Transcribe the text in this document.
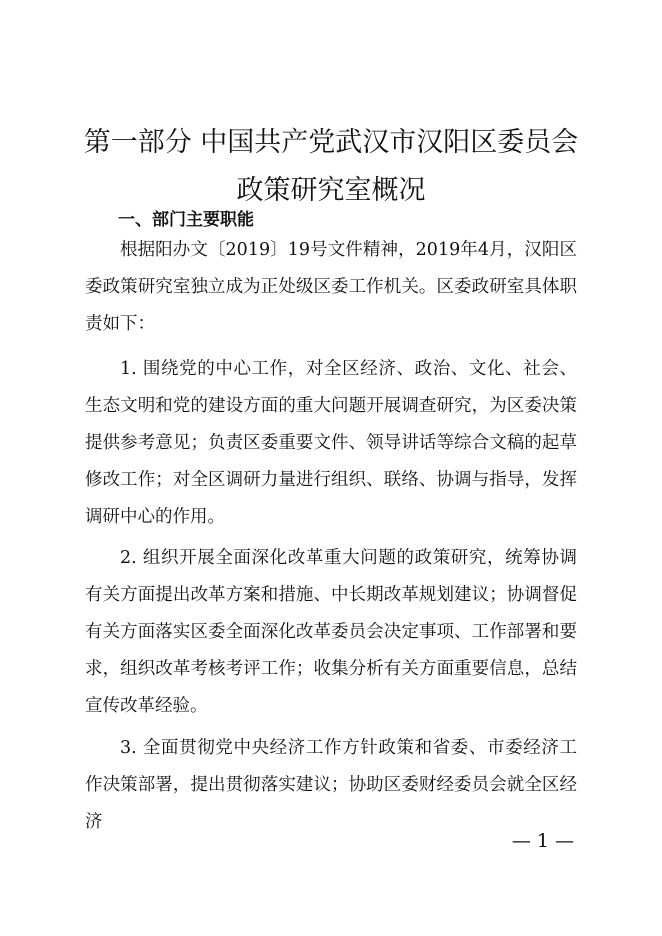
第一部分 中国共产党武汉市汉阳区委员会
政策研究室概况
一、部门主要职能

根据阳办文〔2019〕19号文件精神，2019年4月，汉阳区委政策研究室独立成为正处级区委工作机关。区委政研室具体职责如下：

1. 围绕党的中心工作，对全区经济、政治、文化、社会、生态文明和党的建设方面的重大问题开展调查研究，为区委决策提供参考意见；负责区委重要文件、领导讲话等综合文稿的起草修改工作；对全区调研力量进行组织、联络、协调与指导，发挥调研中心的作用。

2. 组织开展全面深化改革重大问题的政策研究，统筹协调有关方面提出改革方案和措施、中长期改革规划建议；协调督促有关方面落实区委全面深化改革委员会决定事项、工作部署和要求，组织改革考核考评工作；收集分析有关方面重要信息，总结宣传改革经验。

3. 全面贯彻党中央经济工作方针政策和省委、市委经济工作决策部署，提出贯彻落实建议；协助区委财经委员会就全区经济

— 1 —
